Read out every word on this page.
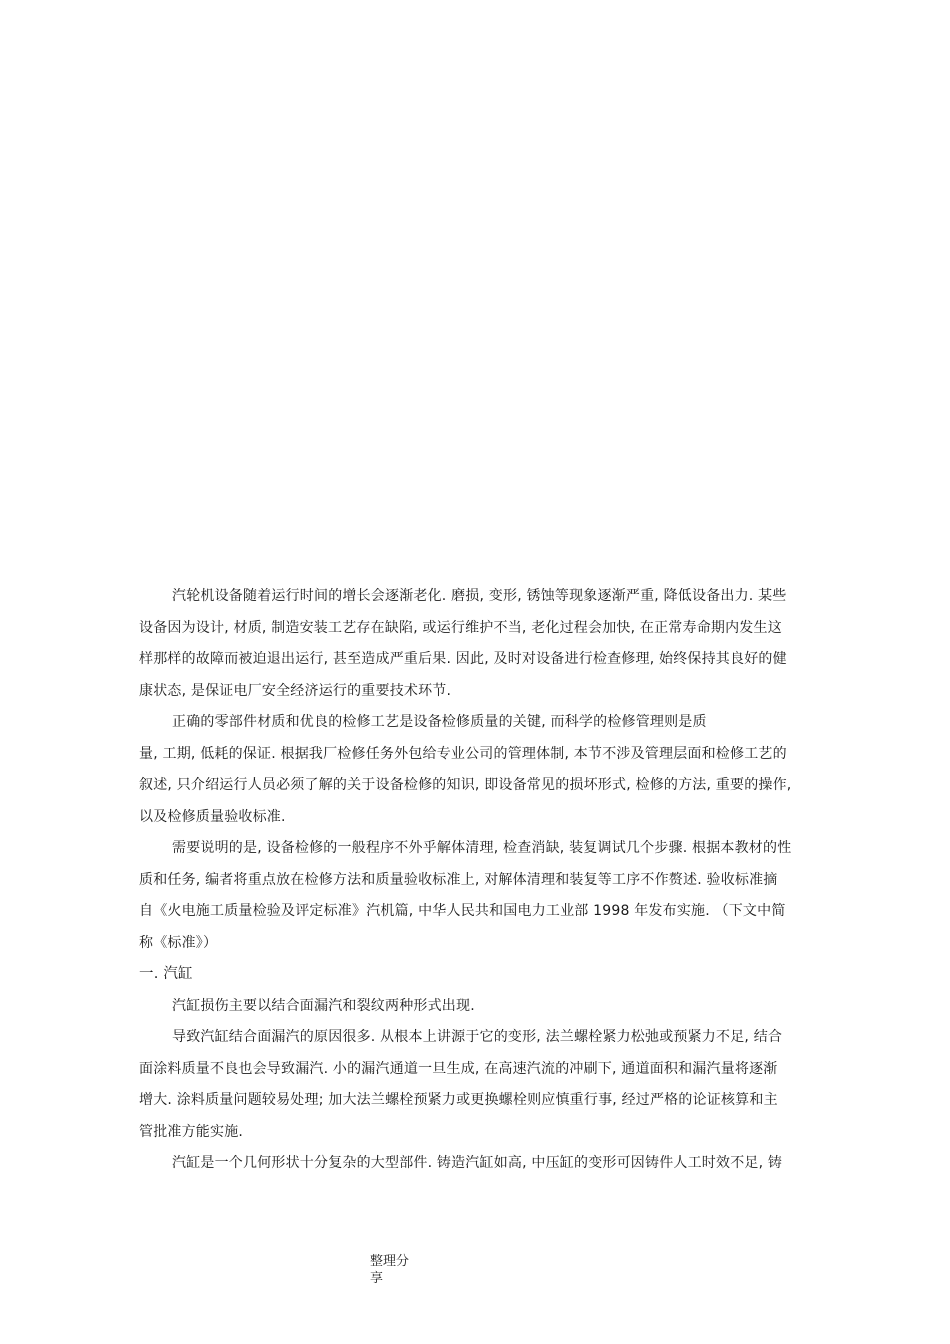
汽轮机设备随着运行时间的增长会逐渐老化. 磨损, 变形, 锈蚀等现象逐渐严重, 降低设备出力. 某些
设备因为设计, 材质, 制造安装工艺存在缺陷, 或运行维护不当, 老化过程会加快, 在正常寿命期内发生这
样那样的故障而被迫退出运行, 甚至造成严重后果. 因此, 及时对设备进行检查修理, 始终保持其良好的健
康状态, 是保证电厂安全经济运行的重要技术环节.
正确的零部件材质和优良的检修工艺是设备检修质量的关键, 而科学的检修管理则是质
量, 工期, 低耗的保证. 根据我厂检修任务外包给专业公司的管理体制, 本节不涉及管理层面和检修工艺的
叙述, 只介绍运行人员必须了解的关于设备检修的知识, 即设备常见的损坏形式, 检修的方法, 重要的操作,
以及检修质量验收标准.
需要说明的是, 设备检修的一般程序不外乎解体清理, 检查消缺, 装复调试几个步骤. 根据本教材的性
质和任务, 编者将重点放在检修方法和质量验收标准上, 对解体清理和装复等工序不作赘述. 验收标准摘
自《火电施工质量检验及评定标准》汽机篇, 中华人民共和国电力工业部 1998 年发布实施. （下文中简
称《标准》）
一. 汽缸
汽缸损伤主要以结合面漏汽和裂纹两种形式出现.
导致汽缸结合面漏汽的原因很多. 从根本上讲源于它的变形, 法兰螺栓紧力松弛或预紧力不足, 结合
面涂料质量不良也会导致漏汽. 小的漏汽通道一旦生成, 在高速汽流的冲刷下, 通道面积和漏汽量将逐渐
增大. 涂料质量问题较易处理; 加大法兰螺栓预紧力或更换螺栓则应慎重行事, 经过严格的论证核算和主
管批准方能实施.
汽缸是一个几何形状十分复杂的大型部件. 铸造汽缸如高, 中压缸的变形可因铸件人工时效不足, 铸
整理分
享
